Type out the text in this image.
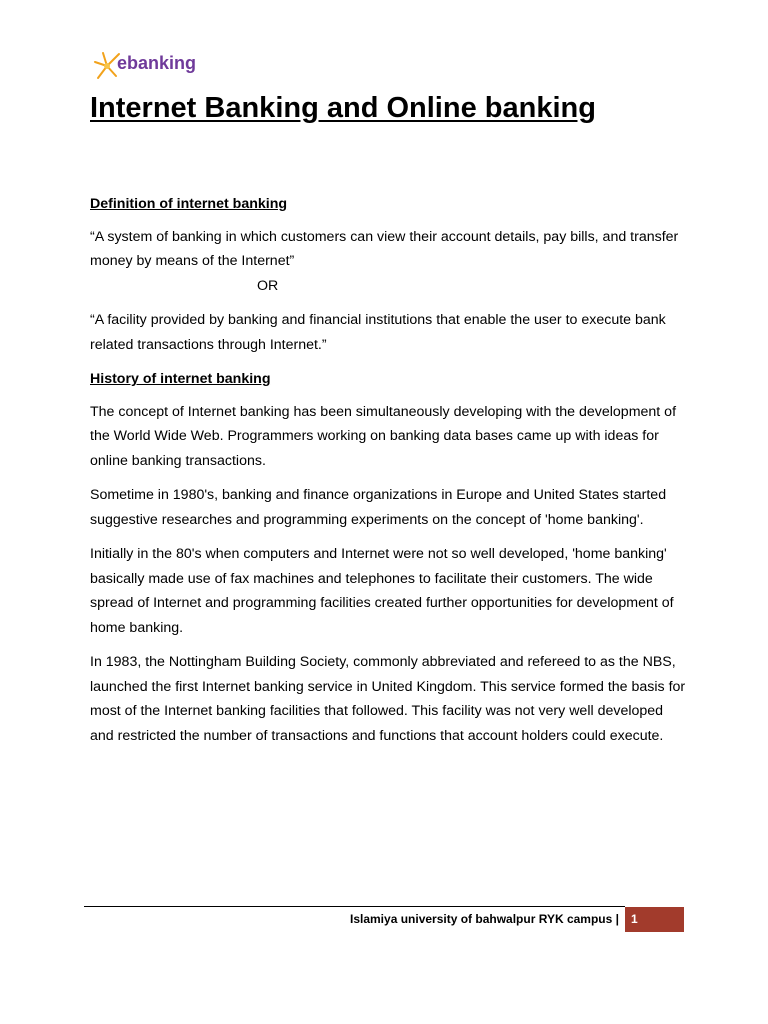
ebanking
Internet Banking and Online banking
Definition of internet banking
“A system of banking in which customers can view their account details, pay bills, and transfer money by means of the Internet”
OR
“A facility provided by banking and financial institutions that enable the user to execute bank related transactions through Internet.”
History of internet banking
The concept of Internet banking has been simultaneously developing with the development of the World Wide Web. Programmers working on banking data bases came up with ideas for online banking transactions.
Sometime in 1980's, banking and finance organizations in Europe and United States started suggestive researches and programming experiments on the concept of 'home banking'.
Initially in the 80's when computers and Internet were not so well developed, 'home banking' basically made use of fax machines and telephones to facilitate their customers. The wide spread of Internet and programming facilities created further opportunities for development of home banking.
In 1983, the Nottingham Building Society, commonly abbreviated and refereed to as the NBS, launched the first Internet banking service in United Kingdom. This service formed the basis for most of the Internet banking facilities that followed. This facility was not very well developed and restricted the number of transactions and functions that account holders could execute.
Islamiya university of bahwalpur RYK campus |	1
